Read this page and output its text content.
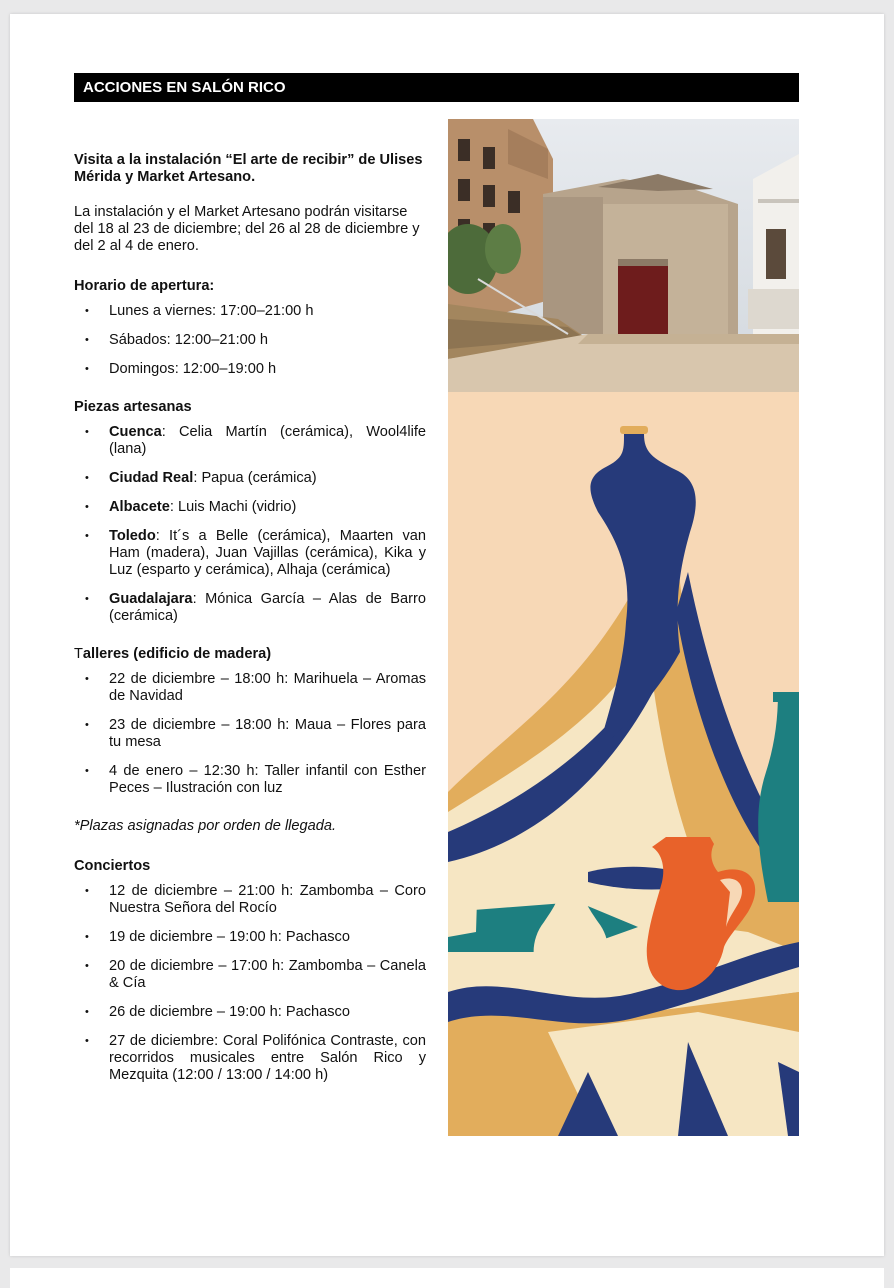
ACCIONES EN SALÓN RICO

Visita a la instalación “El arte de recibir” de Ulises Mérida y Market Artesano.

La instalación y el Market Artesano podrán visitarse del 18 al 23 de diciembre; del 26 al 28 de diciembre y del 2 al 4 de enero.

Horario de apertura:

• Lunes a viernes: 17:00–21:00 h
• Sábados: 12:00–21:00 h
• Domingos: 12:00–19:00 h

Piezas artesanas

• Cuenca: Celia Martín (cerámica), Wool4life (lana)
• Ciudad Real: Papua (cerámica)
• Albacete: Luis Machi (vidrio)
• Toledo: It´s a Belle (cerámica), Maarten van Ham (madera), Juan Vajillas (cerámica), Kika y Luz (esparto y cerámica), Alhaja (cerámica)
• Guadalajara: Mónica García – Alas de Barro (cerámica)

Talleres (edificio de madera)

• 22 de diciembre – 18:00 h: Marihuela – Aromas de Navidad
• 23 de diciembre – 18:00 h: Maua – Flores para tu mesa
• 4 de enero – 12:30 h: Taller infantil con Esther Peces – Ilustración con luz

*Plazas asignadas por orden de llegada.

Conciertos

• 12 de diciembre – 21:00 h: Zambomba – Coro Nuestra Señora del Rocío
• 19 de diciembre – 19:00 h: Pachasco
• 20 de diciembre – 17:00 h: Zambomba – Canela & Cía
• 26 de diciembre – 19:00 h: Pachasco
• 27 de diciembre: Coral Polifónica Contraste, con recorridos musicales entre Salón Rico y Mezquita (12:00 / 13:00 / 14:00 h)
